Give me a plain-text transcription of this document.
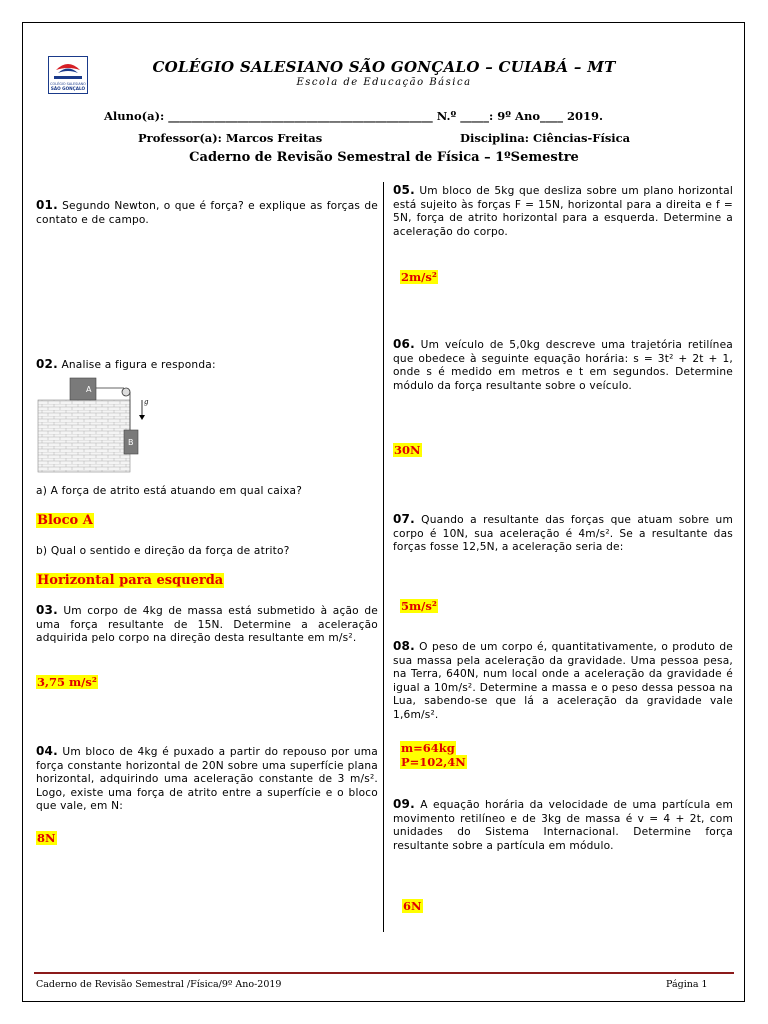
COLÉGIO SALESIANO
SÃO GONÇALO
COLÉGIO SALESIANO SÃO GONÇALO – CUIABÁ – MT
Escola de Educação Básica
Aluno(a): ______________________________________________ N.º _____: 9º Ano____ 2019.
Professor(a): Marcos Freitas	Disciplina: Ciências-Física
Caderno de Revisão Semestral de Física – 1ºSemestre
01. Segundo Newton, o que é força? e explique as forças de contato e de campo.
02. Analise a figura e responda:
A
B
g
a) A força de atrito está atuando em qual caixa?
Bloco A
b) Qual o sentido e direção da força de atrito?
Horizontal para esquerda
03. Um corpo de 4kg de massa está submetido à ação de uma força resultante de 15N. Determine a aceleração adquirida pelo corpo na direção desta resultante em m/s².
3,75 m/s²
04. Um bloco de 4kg é puxado a partir do repouso por uma força constante horizontal de 20N sobre uma superfície plana horizontal, adquirindo uma aceleração constante de 3 m/s². Logo, existe uma força de atrito entre a superfície e o bloco que vale, em N:
8N
05. Um bloco de 5kg que desliza sobre um plano horizontal está sujeito às forças F = 15N, horizontal para a direita e f = 5N, força de atrito horizontal para a esquerda. Determine a aceleração do corpo.
2m/s²
06. Um veículo de 5,0kg descreve uma trajetória retilínea que obedece à seguinte equação horária: s = 3t² + 2t + 1, onde s é medido em metros e t em segundos. Determine módulo da força resultante sobre o veículo.
30N
07. Quando a resultante das forças que atuam sobre um corpo é 10N, sua aceleração é 4m/s². Se a resultante das forças fosse 12,5N, a aceleração seria de:
5m/s²
08. O peso de um corpo é, quantitativamente, o produto de sua massa pela aceleração da gravidade. Uma pessoa pesa, na Terra, 640N, num local onde a aceleração da gravidade é igual a 10m/s². Determine a massa e o peso dessa pessoa na Lua, sabendo-se que lá a aceleração da gravidade vale 1,6m/s².
m=64kg
P=102,4N
09. A equação horária da velocidade de uma partícula em movimento retilíneo e de 3kg de massa é v = 4 + 2t, com unidades do Sistema Internacional. Determine força resultante sobre a partícula em módulo.
6N
Caderno de Revisão Semestral /Física/9º Ano-2019	Página 1
